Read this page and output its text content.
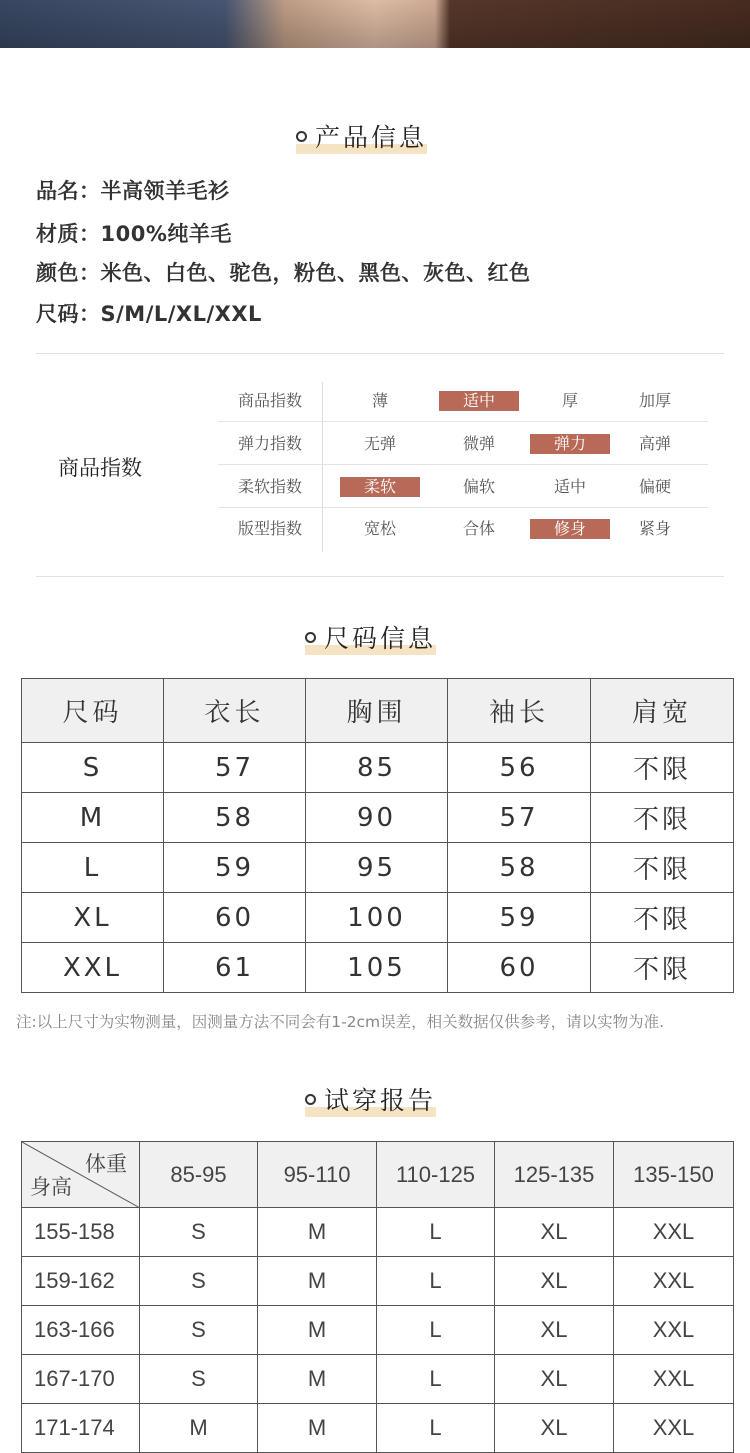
产品信息
品名：半高领羊毛衫
材质：100%纯羊毛
颜色：米色、白色、驼色，粉色、黑色、灰色、红色
尺码：S/M/L/XL/XXL
商品指数
商品指数	薄	适中	厚	加厚
弹力指数	无弹	微弹	弹力	高弹
柔软指数	柔软	偏软	适中	偏硬
版型指数	宽松	合体	修身	紧身
尺码信息
尺码	衣长	胸围	袖长	肩宽
S	57	85	56	不限
M	58	90	57	不限
L	59	95	58	不限
XL	60	100	59	不限
XXL	61	105	60	不限
注:以上尺寸为实物测量，因测量方法不同会有1-2cm误差，相关数据仅供参考，请以实物为准.
试穿报告
体重
身高	85-95	95-110	110-125	125-135	135-150
155-158	S	M	L	XL	XXL
159-162	S	M	L	XL	XXL
163-166	S	M	L	XL	XXL
167-170	S	M	L	XL	XXL
171-174	M	M	L	XL	XXL
